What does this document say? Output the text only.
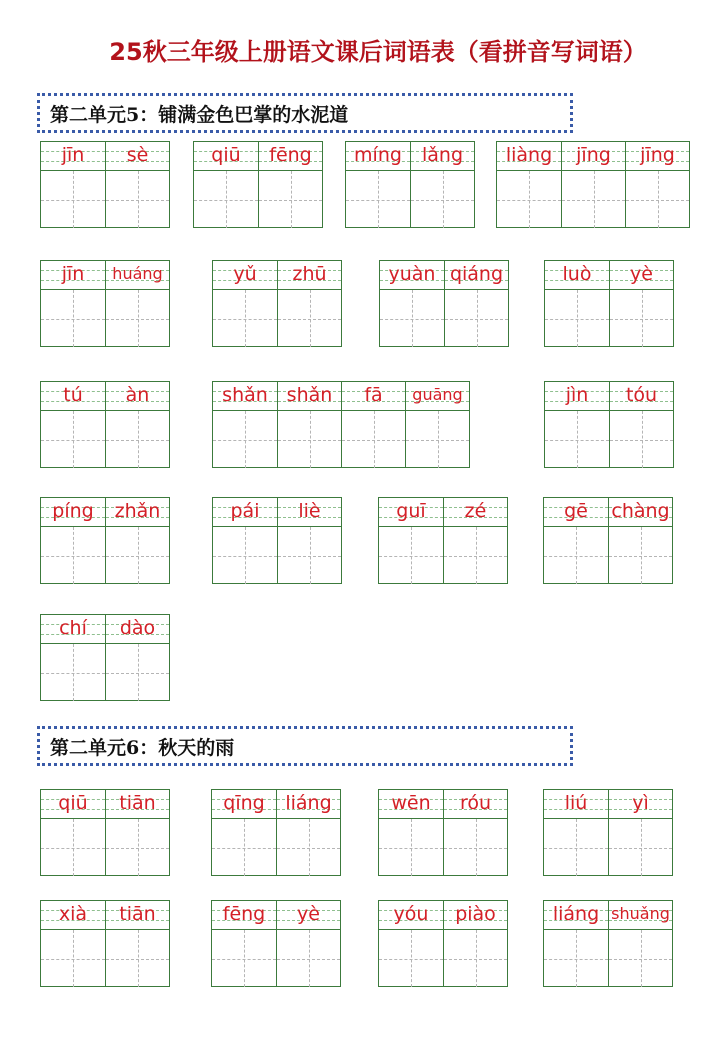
25秋三年级上册语文课后词语表（看拼音写词语）
第二单元5：铺满金色巴掌的水泥道
jīn	sè	qiū	fēng	míng	lǎng	liàng	jīng	jīng
jīn	huáng	yǔ	zhū	yuàn qiáng	luò	yè
tú	àn	shǎn shǎn	fā	guāng	jìn	tóu
píng	zhǎn	pái	liè	guī	zé	gē	chàng
chí	dào
第二单元6：秋天的雨
qiū	tiān	qīng	liáng	wēn	róu	liú	yì
xià	tiān	fēng	yè	yóu	piào	liáng shuǎng
